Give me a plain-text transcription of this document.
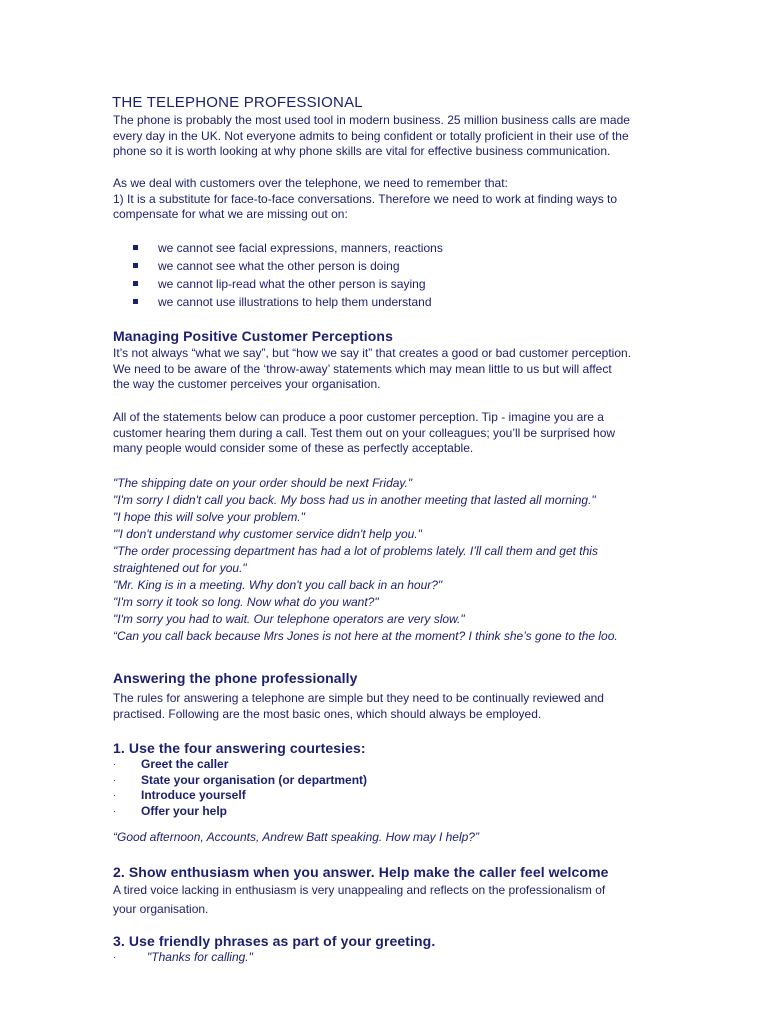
THE TELEPHONE PROFESSIONAL

The phone is probably the most used tool in modern business. 25 million business calls are made

every day in the UK. Not everyone admits to being confident or totally proficient in their use of the

phone so it is worth looking at why phone skills are vital for effective business communication.

As we deal with customers over the telephone, we need to remember that:

1) It is a substitute for face-to-face conversations. Therefore we need to work at finding ways to

compensate for what we are missing out on:

we cannot see facial expressions, manners, reactions
we cannot see what the other person is doing
we cannot lip-read what the other person is saying
we cannot use illustrations to help them understand
Managing Positive Customer Perceptions

It’s not always “what we say”, but “how we say it” that creates a good or bad customer perception.

We need to be aware of the ‘throw-away’ statements which may mean little to us but will affect

the way the customer perceives your organisation.

All of the statements below can produce a poor customer perception. Tip - imagine you are a

customer hearing them during a call. Test them out on your colleagues; you’ll be surprised how

many people would consider some of these as perfectly acceptable.

"The shipping date on your order should be next Friday."

"I'm sorry I didn't call you back. My boss had us in another meeting that lasted all morning."

"I hope this will solve your problem."

"'I don't understand why customer service didn't help you."

"The order processing department has had a lot of problems lately. I’ll call them and get this

straightened out for you."

"Mr. King is in a meeting. Why don't you call back in an hour?"

"I'm sorry it took so long. Now what do you want?"

"I'm sorry you had to wait. Our telephone operators are very slow."

“Can you call back because Mrs Jones is not here at the moment? I think she’s gone to the loo.

Answering the phone professionally

The rules for answering a telephone are simple but they need to be continually reviewed and

practised. Following are the most basic ones, which should always be employed.

1. Use the four answering courtesies:
· Greet the caller
· State your organisation (or department)
· Introduce yourself
· Offer your help
“Good afternoon, Accounts, Andrew Batt speaking. How may I help?”
2. Show enthusiasm when you answer. Help make the caller feel welcome

A tired voice lacking in enthusiasm is very unappealing and reflects on the professionalism of

your organisation.

3. Use friendly phrases as part of your greeting.
·	"Thanks for calling."
